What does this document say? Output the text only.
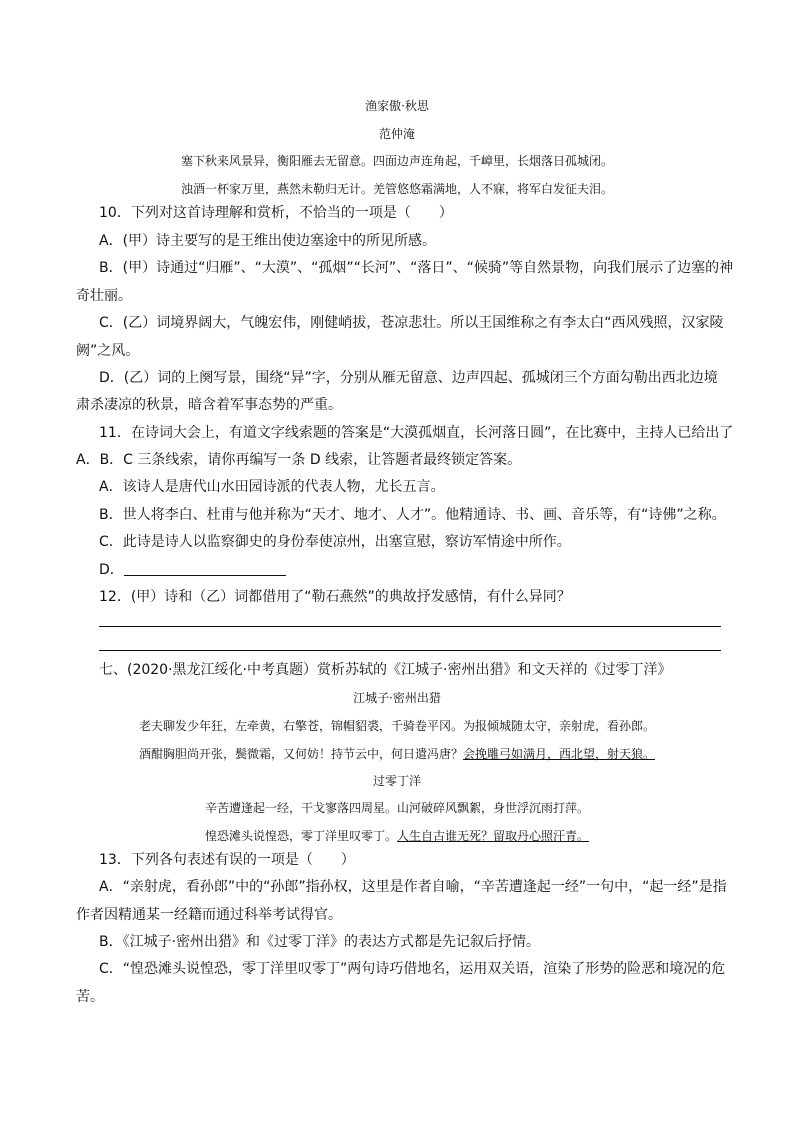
渔家傲·秋思
范仲淹
塞下秋来风景异，衡阳雁去无留意。四面边声连角起，千嶂里，长烟落日孤城闭。
浊酒一杯家万里，燕然未勒归无计。羌管悠悠霜满地，人不寐，将军白发征夫泪。
10．下列对这首诗理解和赏析，不恰当的一项是（　　）
A．(甲）诗主要写的是王维出使边塞途中的所见所感。
B．(甲）诗通过“归雁”、“大漠”、“孤烟”“长河”、“落日”、“候骑”等自然景物，向我们展示了边塞的神
奇壮丽。
C．(乙）词境界阔大，气魄宏伟，刚健峭拔，苍凉悲壮。所以王国维称之有李太白“西风残照，汉家陵
阙”之风。
D．(乙）词的上阕写景，围绕“异”字，分别从雁无留意、边声四起、孤城闭三个方面勾勒出西北边境
肃杀凄凉的秋景，暗含着军事态势的严重。
11．在诗词大会上，有道文字线索题的答案是“大漠孤烟直，长河落日圆”，在比赛中，主持人已给出了
A．B．C 三条线索，请你再编写一条 D 线索，让答题者最终锁定答案。
A．该诗人是唐代山水田园诗派的代表人物，尤长五言。
B．世人将李白、杜甫与他并称为“天才、地才、人才”。他精通诗、书、画、音乐等，有“诗佛”之称。
C．此诗是诗人以监察御史的身份奉使凉州，出塞宣慰，察访军情途中所作。
D．
12．(甲）诗和（乙）词都借用了“勒石燕然”的典故抒发感情，有什么异同？
七、(2020·黑龙江绥化·中考真题）赏析苏轼的《江城子·密州出猎》和文天祥的《过零丁洋》
江城子·密州出猎
老夫聊发少年狂，左牵黄，右擎苍，锦帽貂裘，千骑卷平冈。为报倾城随太守，亲射虎，看孙郎。
酒酣胸胆尚开张，鬓微霜，又何妨！持节云中，何日遣冯唐？会挽雕弓如满月，西北望，射天狼。
过零丁洋
辛苦遭逢起一经，干戈寥落四周星。山河破碎风飘絮，身世浮沉雨打萍。
惶恐滩头说惶恐，零丁洋里叹零丁。人生自古谁无死？留取丹心照汗青。
13．下列各句表述有误的一项是（　　）
A．“亲射虎，看孙郎”中的“孙郎”指孙权，这里是作者自喻，“辛苦遭逢起一经”一句中，“起一经”是指
作者因精通某一经籍而通过科举考试得官。
B．《江城子·密州出猎》和《过零丁洋》的表达方式都是先记叙后抒情。
C．“惶恐滩头说惶恐，零丁洋里叹零丁”两句诗巧借地名，运用双关语，渲染了形势的险恶和境况的危
苦。
